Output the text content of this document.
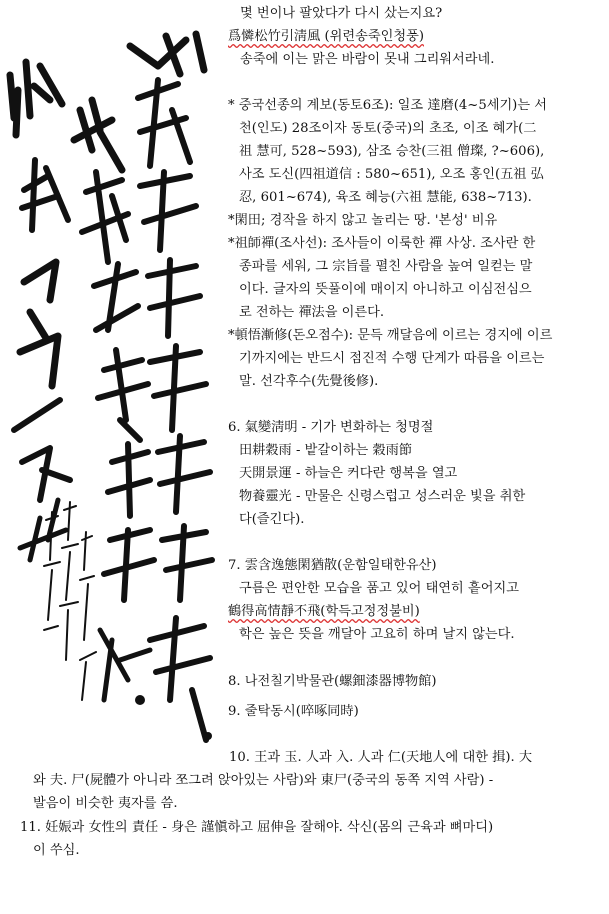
몇 번이나 팔았다가 다시 샀는지요?
爲憐松竹引淸風 (위련송죽인청풍)
송죽에 이는 맑은 바람이 못내 그리워서라네.
* 중국선종의 계보(동토6조): 일조 達磨(4~5세기)는 서
천(인도) 28조이자 동토(중국)의 초조, 이조 혜가(二
祖 慧可, 528~593), 삼조 승찬(三祖 僧璨, ?~606),
사조 도신(四祖道信 : 580~651), 오조 홍인(五祖 弘
忍, 601~674), 육조 혜능(六祖 慧能, 638~713).
*閑田; 경작을 하지 않고 놀리는 땅. '본성' 비유
*祖師禪(조사선): 조사들이 이룩한 禪 사상. 조사란 한
종파를 세워, 그 宗旨를 펼친 사람을 높여 일컫는 말
이다. 글자의 뜻풀이에 매이지 아니하고 이심전심으
로 전하는 禪法을 이른다.
*頓悟漸修(돈오점수): 문득 깨달음에 이르는 경지에 이르
기까지에는 반드시 점진적 수행 단계가 따름을 이르는
말. 선각후수(先覺後修).
6. 氣變淸明 - 기가 변화하는 청명절
田耕穀雨 - 밭갈이하는 穀雨節
天開景運 - 하늘은 커다란 행복을 열고
物養靈光 - 만물은 신령스럽고 성스러운 빛을 취한
다(즐긴다).
7. 雲含逸態閑猶散(운함일태한유산)
구름은 편안한 모습을 품고 있어 태연히 흩어지고
鶴得高情靜不飛(학득고정정불비)
학은 높은 뜻을 깨달아 고요히 하며 날지 않는다.
8. 나전칠기박물관(螺鈿漆器博物館)
9. 줄탁동시(啐啄同時)
10. 王과 玉. 人과 入. 人과 仁(天地人에 대한 揖). 大
와 夫. 尸(屍體가 아니라 쪼그려 앉아있는 사람)와 東尸(중국의 동쪽 지역 사람) -
발음이 비슷한 夷자를 씀.
11. 妊娠과 女性의 責任 - 身은 謹愼하고 屈伸을 잘해야. 삭신(몸의 근육과 뼈마디)
이 쑤심.
